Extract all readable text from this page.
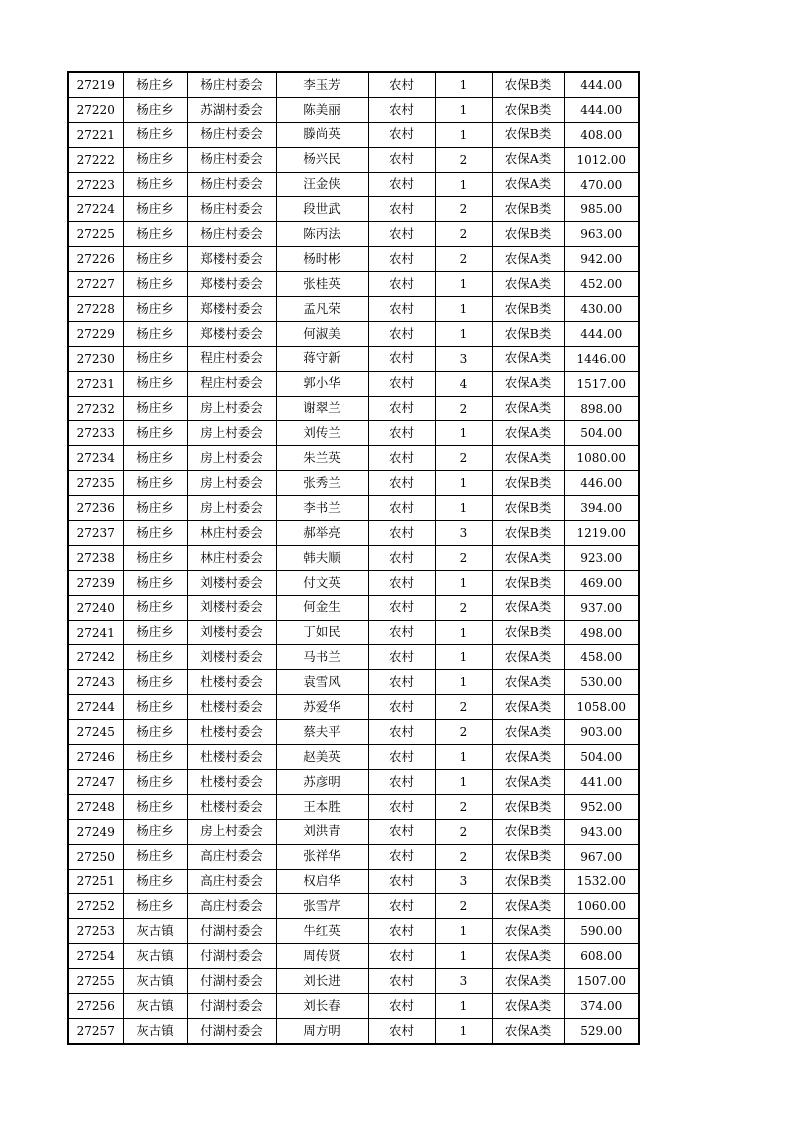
27219	杨庄乡	杨庄村委会	李玉芳	农村	1	农保B类	444.00
27220	杨庄乡	苏湖村委会	陈美丽	农村	1	农保B类	444.00
27221	杨庄乡	杨庄村委会	滕尚英	农村	1	农保B类	408.00
27222	杨庄乡	杨庄村委会	杨兴民	农村	2	农保A类	1012.00
27223	杨庄乡	杨庄村委会	汪金侠	农村	1	农保A类	470.00
27224	杨庄乡	杨庄村委会	段世武	农村	2	农保B类	985.00
27225	杨庄乡	杨庄村委会	陈丙法	农村	2	农保B类	963.00
27226	杨庄乡	郑楼村委会	杨时彬	农村	2	农保A类	942.00
27227	杨庄乡	郑楼村委会	张桂英	农村	1	农保A类	452.00
27228	杨庄乡	郑楼村委会	孟凡荣	农村	1	农保B类	430.00
27229	杨庄乡	郑楼村委会	何淑美	农村	1	农保B类	444.00
27230	杨庄乡	程庄村委会	蒋守新	农村	3	农保A类	1446.00
27231	杨庄乡	程庄村委会	郭小华	农村	4	农保A类	1517.00
27232	杨庄乡	房上村委会	谢翠兰	农村	2	农保A类	898.00
27233	杨庄乡	房上村委会	刘传兰	农村	1	农保A类	504.00
27234	杨庄乡	房上村委会	朱兰英	农村	2	农保A类	1080.00
27235	杨庄乡	房上村委会	张秀兰	农村	1	农保B类	446.00
27236	杨庄乡	房上村委会	李书兰	农村	1	农保B类	394.00
27237	杨庄乡	林庄村委会	郝举亮	农村	3	农保B类	1219.00
27238	杨庄乡	林庄村委会	韩夫顺	农村	2	农保A类	923.00
27239	杨庄乡	刘楼村委会	付文英	农村	1	农保B类	469.00
27240	杨庄乡	刘楼村委会	何金生	农村	2	农保A类	937.00
27241	杨庄乡	刘楼村委会	丁如民	农村	1	农保B类	498.00
27242	杨庄乡	刘楼村委会	马书兰	农村	1	农保A类	458.00
27243	杨庄乡	杜楼村委会	袁雪风	农村	1	农保A类	530.00
27244	杨庄乡	杜楼村委会	苏爱华	农村	2	农保A类	1058.00
27245	杨庄乡	杜楼村委会	蔡夫平	农村	2	农保A类	903.00
27246	杨庄乡	杜楼村委会	赵美英	农村	1	农保A类	504.00
27247	杨庄乡	杜楼村委会	苏彦明	农村	1	农保A类	441.00
27248	杨庄乡	杜楼村委会	王本胜	农村	2	农保B类	952.00
27249	杨庄乡	房上村委会	刘洪青	农村	2	农保B类	943.00
27250	杨庄乡	高庄村委会	张祥华	农村	2	农保B类	967.00
27251	杨庄乡	高庄村委会	权启华	农村	3	农保B类	1532.00
27252	杨庄乡	高庄村委会	张雪芹	农村	2	农保A类	1060.00
27253	灰古镇	付湖村委会	牛红英	农村	1	农保A类	590.00
27254	灰古镇	付湖村委会	周传贤	农村	1	农保A类	608.00
27255	灰古镇	付湖村委会	刘长进	农村	3	农保A类	1507.00
27256	灰古镇	付湖村委会	刘长春	农村	1	农保A类	374.00
27257	灰古镇	付湖村委会	周方明	农村	1	农保A类	529.00
